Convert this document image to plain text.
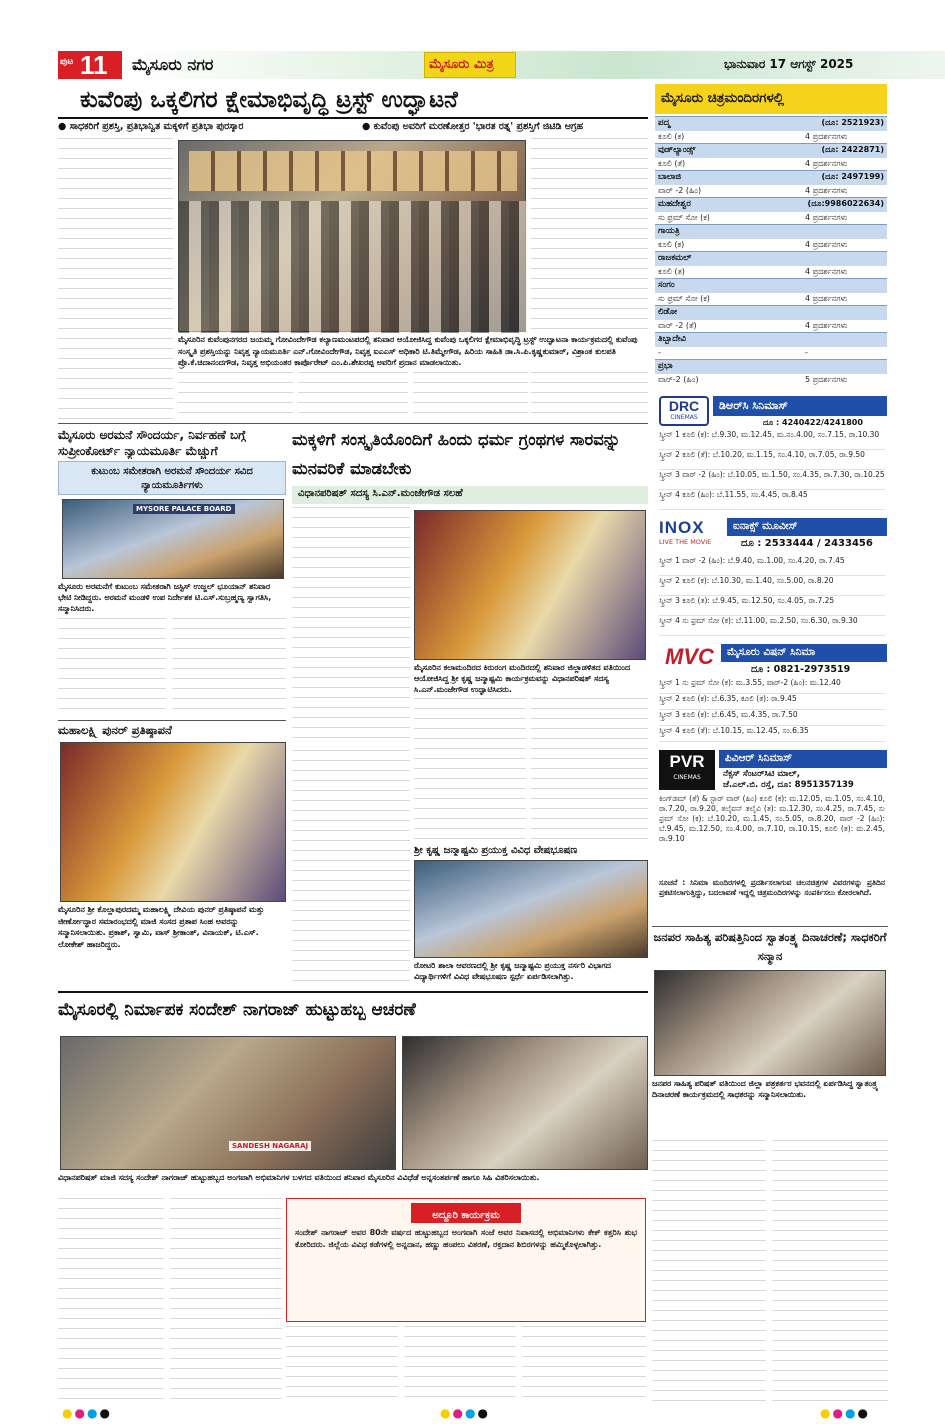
ಪುಟ 11 ಮೈಸೂರು ನಗರ	ಮೈಸೂರು ಮಿತ್ರ	ಭಾನುವಾರ 17 ಆಗಸ್ಟ್ 2025
ಕುವೆಂಪು ಒಕ್ಕಲಿಗರ ಕ್ಷೇಮಾಭಿವೃದ್ಧಿ ಟ್ರಸ್ಟ್ ಉದ್ಘಾಟನೆ
● ಸಾಧಕರಿಗೆ ಪ್ರಶಸ್ತಿ, ಪ್ರತಿಭಾನ್ವಿತ ಮಕ್ಕಳಿಗೆ ಪ್ರತಿಭಾ ಪುರಸ್ಕಾರ	● ಕುವೆಂಪು ಅವರಿಗೆ ಮರಣೋತ್ತರ 'ಭಾರತ ರತ್ನ' ಪ್ರಶಸ್ತಿಗೆ ಜಿಟಿಡಿ ಆಗ್ರಹ
ಮೈಸೂರಿನ ಕುವೆಂಪುನಗರದ ಜಯಮ್ಮ ಗೋವಿಂದೇಗೌಡ ಕಲ್ಯಾಣಮಂಟಪದಲ್ಲಿ ಶನಿವಾರ ಆಯೋಜಿಸಿದ್ದ ಕುವೆಂಪು ಒಕ್ಕಲಿಗರ ಕ್ಷೇಮಾಭಿವೃದ್ಧಿ ಟ್ರಸ್ಟ್ ಉದ್ಘಾಟನಾ ಕಾರ್ಯಕ್ರಮದಲ್ಲಿ ಕುವೆಂಪು ಸಂಸ್ಕೃತಿ ಪ್ರಶಸ್ತಿಯನ್ನು ನಿವೃತ್ತ ನ್ಯಾಯಮೂರ್ತಿ ಎನ್.ಗೋವಿಂದೇಗೌಡ, ನಿವೃತ್ತ ಐಎಎಸ್ ಅಧಿಕಾರಿ ಟಿ.ತಿಮ್ಮೇಗೌಡ, ಹಿರಿಯ ಸಾಹಿತಿ ಡಾ.ಸಿ.ಪಿ.ಕೃಷ್ಣಕುಮಾರ್, ವಿಶ್ರಾಂತ ಕುಲಪತಿ ಪ್ರೊ.ಕೆ.ಚಿದಾನಂದಗೌಡ, ನಿವೃತ್ತ ಅಭಿಯಂತರ ಕಾರ್ಪೊರೇಟ್ ಎಂ.ಪಿ.ಶೇಖರಪ್ಪ ಅವರಿಗೆ ಪ್ರದಾನ ಮಾಡಲಾಯಿತು.
ಮೈಸೂರು ಚಿತ್ರಮಂದಿರಗಳಲ್ಲಿ
ಪದ್ಮ	(ದೂ: 2521923)
ಕೂಲಿ (ಕ)	4 ಪ್ರದರ್ಶನಗಳು
ವುಡ್‌ಲ್ಯಾಂಡ್ಸ್	(ದೂ: 2422871)
ಕೂಲಿ (ತೆ)	4 ಪ್ರದರ್ಶನಗಳು
ಬಾಲಾಜಿ	(ದೂ: 2497199)
ವಾರ್ -2 (ಹಿಂ)	4 ಪ್ರದರ್ಶನಗಳು
ಮಹದೇಶ್ವರ	(ದೂ:9986022634)
ಸು ಫ್ರಮ್ ಸೋ (ಕ)	4 ಪ್ರದರ್ಶನಗಳು
ಗಾಯತ್ರಿ
ಕೂಲಿ (ಕ)	4 ಪ್ರದರ್ಶನಗಳು
ರಾಜಕಮಲ್
ಕೂಲಿ (ತ)	4 ಪ್ರದರ್ಶನಗಳು
ಸಂಗಂ
ಸು ಫ್ರಮ್ ಸೋ (ಕ)	4 ಪ್ರದರ್ಶನಗಳು
ಲಿಡೋ
ವಾರ್ -2 (ತೆ)	4 ಪ್ರದರ್ಶನಗಳು
ತಿಬ್ಬಾದೇವಿ
-	-
ಪ್ರಭಾ
ವಾರ್-2 (ಹಿಂ)	5 ಪ್ರದರ್ಶನಗಳು
DRC
CINEMAS
ಡಿಆರ್‌ಸಿ ಸಿನಿಮಾಸ್
ದೂ : 4240422/4241800
ಸ್ಕ್ರೀನ್ 1 ಕೂಲಿ (ಕ): ಬೆ.9.30, ಮ.12.45, ಮ.ನಂ.4.00, ಸಂ.7.15, ರಾ.10.30
ಸ್ಕ್ರೀನ್ 2 ಕೂಲಿ (ತೆ): ಬೆ.10.20, ಮ.1.15, ಸಂ.4.10, ರಾ.7.05, ರಾ.9.50
ಸ್ಕ್ರೀನ್ 3 ವಾರ್ -2 (ಹಿಂ): ಬೆ.10.05, ಮ.1.50, ಸಂ.4.35, ರಾ.7.30, ರಾ.10.25
ಸ್ಕ್ರೀನ್ 4 ಕೂಲಿ (ಹಿಂ): ಬೆ.11.55, ಸಂ.4.45, ರಾ.8.45
INOX
LIVE THE MOVIE
ಐನಾಕ್ಸ್ ಮೂವೀಸ್
ದೂ : 2533444 / 2433456
ಸ್ಕ್ರೀನ್ 1 ವಾರ್ -2 (ಹಿಂ): ಬೆ.9.40, ಮ.1.00, ಸಂ.4.20, ರಾ.7.45
ಸ್ಕ್ರೀನ್ 2 ಕೂಲಿ (ಕ): ಬೆ.10.30, ಮ.1.40, ಸಂ.5.00, ರಾ.8.20
ಸ್ಕ್ರೀನ್ 3 ಕೂಲಿ (ತ): ಬೆ.9.45, ಮ.12.50, ಸಂ.4.05, ರಾ.7.25
ಸ್ಕ್ರೀನ್ 4 ಸು ಫ್ರಮ್ ಸೋ (ಕ): ಬೆ.11.00, ಮ.2.50, ಸಂ.6.30, ರಾ.9.30
MVC ಮೈಸೂರು ವಿಷನ್ ಸಿನಿಮಾ
ದೂ : 0821-2973519
ಸ್ಕ್ರೀನ್ 1 ಸು ಫ್ರಮ್ ಸೋ (ಕ): ಮ.3.55, ವಾರ್-2 (ಹಿಂ): ಮ.12.40
ಸ್ಕ್ರೀನ್ 2 ಕೂಲಿ (ಕ): ಬೆ.6.35, ಕೂಲಿ (ತ): ರಾ.9.45
ಸ್ಕ್ರೀನ್ 3 ಕೂಲಿ (ಕ): ಬೆ.6.45, ಮ.4.35, ರಾ.7.50
ಸ್ಕ್ರೀನ್ 4 ಕೂಲಿ (ತೆ): ಬೆ.10.15, ಮ.12.45, ಸಂ.6.35
PVR
CINEMAS
ಪಿವಿಆರ್ ಸಿನಿಮಾಸ್
ನೆಕ್ಸಸ್ ಸೆಂಟರ್‌ಸಿಟಿ ಮಾಲ್,
ಜೆ.ಎಲ್.ಬಿ. ರಸ್ತೆ, ದೂ: 8951357139
ಕಿಂಗ್‌ಡಮ್ (ತೆ) & ಸ್ಟಾರ್ ವಾರ್ (ಹಿಂ) ಕೂಲಿ (ಕ): ಮ.12.05, ಮ.1.05, ಸಂ.4.10, ರಾ.7.20, ರಾ.9.20, ತಲೈವನ್ ತಲೈವಿ (ತ): ಮ.12.30, ಸಂ.4.25, ರಾ.7.45, ಸು ಫ್ರಮ್ ಸೋ (ಕ): ಬೆ.10.20, ಮ.1.45, ಸಂ.5.05, ರಾ.8.20, ವಾರ್ -2 (ಹಿಂ): ಬೆ.9.45, ಮ.12.50, ಸಂ.4.00, ರಾ.7.10, ರಾ.10.15, ಕೂಲಿ (ತ): ಮ.2.45, ರಾ.9.10
ಸೂಚನೆ : ಸಿನಿಮಾ ಮಂದಿರಗಳಲ್ಲಿ ಪ್ರದರ್ಶಿಸಲಾಗುವ ಚಲನಚಿತ್ರಗಳ ವಿವರಗಳನ್ನು ಪ್ರತಿದಿನ ಪ್ರಕಟಿಸಲಾಗುತ್ತಿದ್ದು, ಬದಲಾವಣೆ ಇದ್ದಲ್ಲಿ ಚಿತ್ರಮಂದಿರಗಳನ್ನು ಸಂಪರ್ಕಿಸಲು ಕೋರಲಾಗಿದೆ.
ಮೈಸೂರು ಅರಮನೆ ಸೌಂದರ್ಯ, ನಿರ್ವಹಣೆ ಬಗ್ಗೆ ಸುಪ್ರೀಂಕೋರ್ಟ್ ನ್ಯಾಯಮೂರ್ತಿ ಮೆಚ್ಚುಗೆ
ಕುಟುಂಬ ಸಮೇತರಾಗಿ ಅರಮನೆ ಸೌಂದರ್ಯ ಸವಿದ ನ್ಯಾಯಮೂರ್ತಿಗಳು
MYSORE PALACE BOARD
ಮೈಸೂರು ಅರಮನೆಗೆ ಕುಟುಂಬ ಸಮೇತರಾಗಿ ಜಸ್ಟಿಸ್ ಉಜ್ಜಲ್ ಭೂಯಾನ್ ಶನಿವಾರ ಭೇಟಿ ನೀಡಿದ್ದರು. ಅರಮನೆ ಮಂಡಳಿ ಉಪ ನಿರ್ದೇಶಕ ಟಿ.ಎಸ್.ಸುಬ್ರಹ್ಮಣ್ಯ ಸ್ವಾಗತಿಸಿ, ಸನ್ಮಾನಿಸಿದರು.
ಮಹಾಲಕ್ಷ್ಮಿ ಪುನರ್ ಪ್ರತಿಷ್ಠಾಪನೆ
ಮೈಸೂರಿನ ಶ್ರೀ ಕೊಲ್ಲಾಪುರದಮ್ಮ ಮಹಾಲಕ್ಷ್ಮಿ ದೇವಿಯ ಪುನರ್ ಪ್ರತಿಷ್ಠಾಪನೆ ಮತ್ತು ಜೀರ್ಣೋದ್ಧಾರ ಸಮಾರಂಭದಲ್ಲಿ ಮಾಜಿ ಸಂಸದ ಪ್ರತಾಪ ಸಿಂಹ ಅವರನ್ನು ಸನ್ಮಾನಿಸಲಾಯಿತು. ಪ್ರಕಾಶ್, ಸ್ವಾಮಿ, ವಾಸ್ ಶ್ರೀಕಾಂತ್, ವಿನಾಯಕ್, ಟಿ.ಎಸ್. ಲೋಕೇಶ್ ಹಾಜರಿದ್ದರು.
ಮಕ್ಕಳಿಗೆ ಸಂಸ್ಕೃತಿಯೊಂದಿಗೆ ಹಿಂದು ಧರ್ಮ ಗ್ರಂಥಗಳ ಸಾರವನ್ನು ಮನವರಿಕೆ ಮಾಡಬೇಕು
ವಿಧಾನಪರಿಷತ್ ಸದಸ್ಯ ಸಿ.ಎನ್.ಮಂಜೇಗೌಡ ಸಲಹೆ
ಮೈಸೂರಿನ ಕಲಾಮಂದಿರದ ಕಿರುರಂಗ ಮಂದಿರದಲ್ಲಿ ಶನಿವಾರ ಜಿಲ್ಲಾಡಳಿತದ ವತಿಯಿಂದ ಆಯೋಜಿಸಿದ್ದ ಶ್ರೀ ಕೃಷ್ಣ ಜನ್ಮಾಷ್ಟಮಿ ಕಾರ್ಯಕ್ರಮವನ್ನು ವಿಧಾನಪರಿಷತ್ ಸದಸ್ಯ ಸಿ.ಎನ್.ಮಂಜೇಗೌಡ ಉದ್ಘಾಟಿಸಿದರು.
ಶ್ರೀ ಕೃಷ್ಣ ಜನ್ಮಾಷ್ಟಮಿ ಪ್ರಯುಕ್ತ ವಿವಿಧ ವೇಷಭೂಷಣ
ರೋಟರಿ ಶಾಲಾ ಆವರಣದಲ್ಲಿ ಶ್ರೀ ಕೃಷ್ಣ ಜನ್ಮಾಷ್ಟಮಿ ಪ್ರಯುಕ್ತ ನರ್ಸರಿ ವಿಭಾಗದ ವಿದ್ಯಾರ್ಥಿಗಳಿಗೆ ವಿವಿಧ ವೇಷಭೂಷಣ ಸ್ಪರ್ಧೆ ಏರ್ಪಡಿಸಲಾಗಿತ್ತು.
ಜನಪರ ಸಾಹಿತ್ಯ ಪರಿಷತ್ತಿನಿಂದ ಸ್ವಾತಂತ್ರ್ಯ ದಿನಾಚರಣೆ; ಸಾಧಕರಿಗೆ ಸನ್ಮಾನ
ಜನಪರ ಸಾಹಿತ್ಯ ಪರಿಷತ್ ವತಿಯಿಂದ ಜಿಲ್ಲಾ ಪತ್ರಕರ್ತರ ಭವನದಲ್ಲಿ ಏರ್ಪಡಿಸಿದ್ದ ಸ್ವಾತಂತ್ರ್ಯ ದಿನಾಚರಣೆ ಕಾರ್ಯಕ್ರಮದಲ್ಲಿ ಸಾಧಕರನ್ನು ಸನ್ಮಾನಿಸಲಾಯಿತು.
ಮೈಸೂರಲ್ಲಿ ನಿರ್ಮಾಪಕ ಸಂದೇಶ್ ನಾಗರಾಜ್ ಹುಟ್ಟುಹಬ್ಬ ಆಚರಣೆ
SANDESH NAGARAJ
ವಿಧಾನಪರಿಷತ್ ಮಾಜಿ ಸದಸ್ಯ ಸಂದೇಶ್ ನಾಗರಾಜ್ ಹುಟ್ಟುಹಬ್ಬದ ಅಂಗವಾಗಿ ಅಭಿಮಾನಿಗಳ ಬಳಗದ ವತಿಯಿಂದ ಶನಿವಾರ ಮೈಸೂರಿನ ವಿವಿಧೆಡೆ ಅನ್ನಸಂತರ್ಪಣೆ ಹಾಗೂ ಸಿಹಿ ವಿತರಿಸಲಾಯಿತು.
ಅದ್ದೂರಿ ಕಾರ್ಯಕ್ರಮ
ಸಂದೇಶ್ ನಾಗರಾಜ್ ಅವರ 80ನೇ ವರ್ಷದ ಹುಟ್ಟುಹಬ್ಬದ ಅಂಗವಾಗಿ ಸಂಜೆ ಅವರ ನಿವಾಸದಲ್ಲಿ ಅಭಿಮಾನಿಗಳು ಕೇಕ್ ಕತ್ತರಿಸಿ ಶುಭ ಕೋರಿದರು. ಜಿಲ್ಲೆಯ ವಿವಿಧ ಕಡೆಗಳಲ್ಲಿ ಅನ್ನದಾನ, ಹಣ್ಣು ಹಂಪಲು ವಿತರಣೆ, ರಕ್ತದಾನ ಶಿಬಿರಗಳನ್ನು ಹಮ್ಮಿಕೊಳ್ಳಲಾಗಿತ್ತು.
●●●●	●●●●	●●●●
